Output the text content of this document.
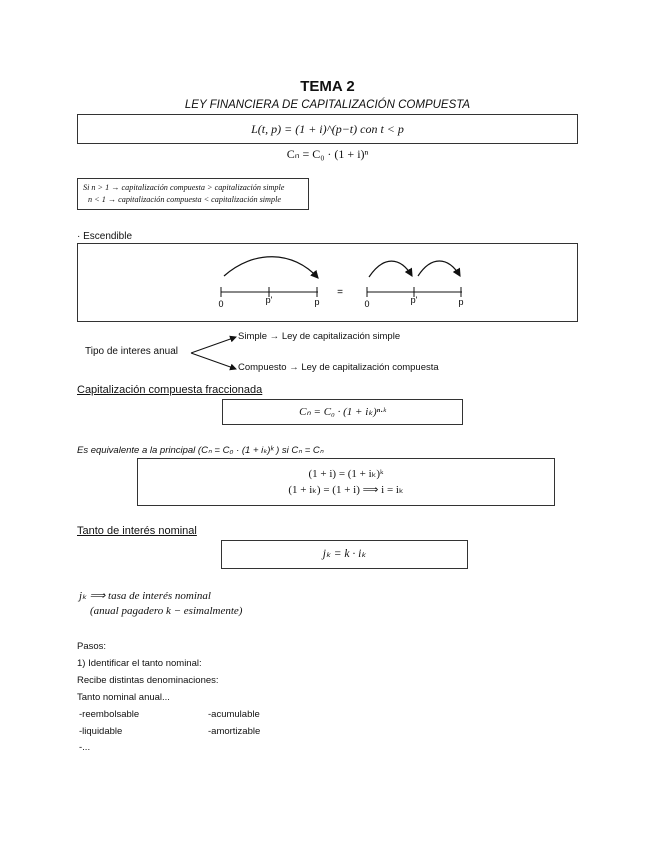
TEMA 2
LEY FINANCIERA DE CAPITALIZACIÓN COMPUESTA
L(t, p) = (1 + i)^(p−t) con t < p
Cₙ = C₀ · (1 + i)ⁿ
Si n > 1 → capitalización compuesta > capitalización simple
n < 1 → capitalización compuesta < capitalización simple
· Escendible
0	p'	p
=
0	p'	p
Tipo de interes anual
Simple → Ley de capitalización simple
Compuesto → Ley de capitalización compuesta
Capitalización compuesta fraccionada
Cₙ = C₀ · (1 + iₖ)ⁿ·ᵏ
Es equivalente a la principal (Cₙ = C₀ · (1 + iₖ)ᵏ ) si Cₙ = Cₙ
(1 + i) = (1 + iₖ)ᵏ
(1 + iₖ) = (1 + i) ⟹ i = iₖ
Tanto de interés nominal
jₖ = k · iₖ
jₖ ⟹ tasa de interés nominal
(anual pagadero k − esimalmente)
Pasos:
1) Identificar el tanto nominal:
Recibe distintas denominaciones:
Tanto nominal anual...
-reembolsable
-liquidable
-...
-acumulable
-amortizable
